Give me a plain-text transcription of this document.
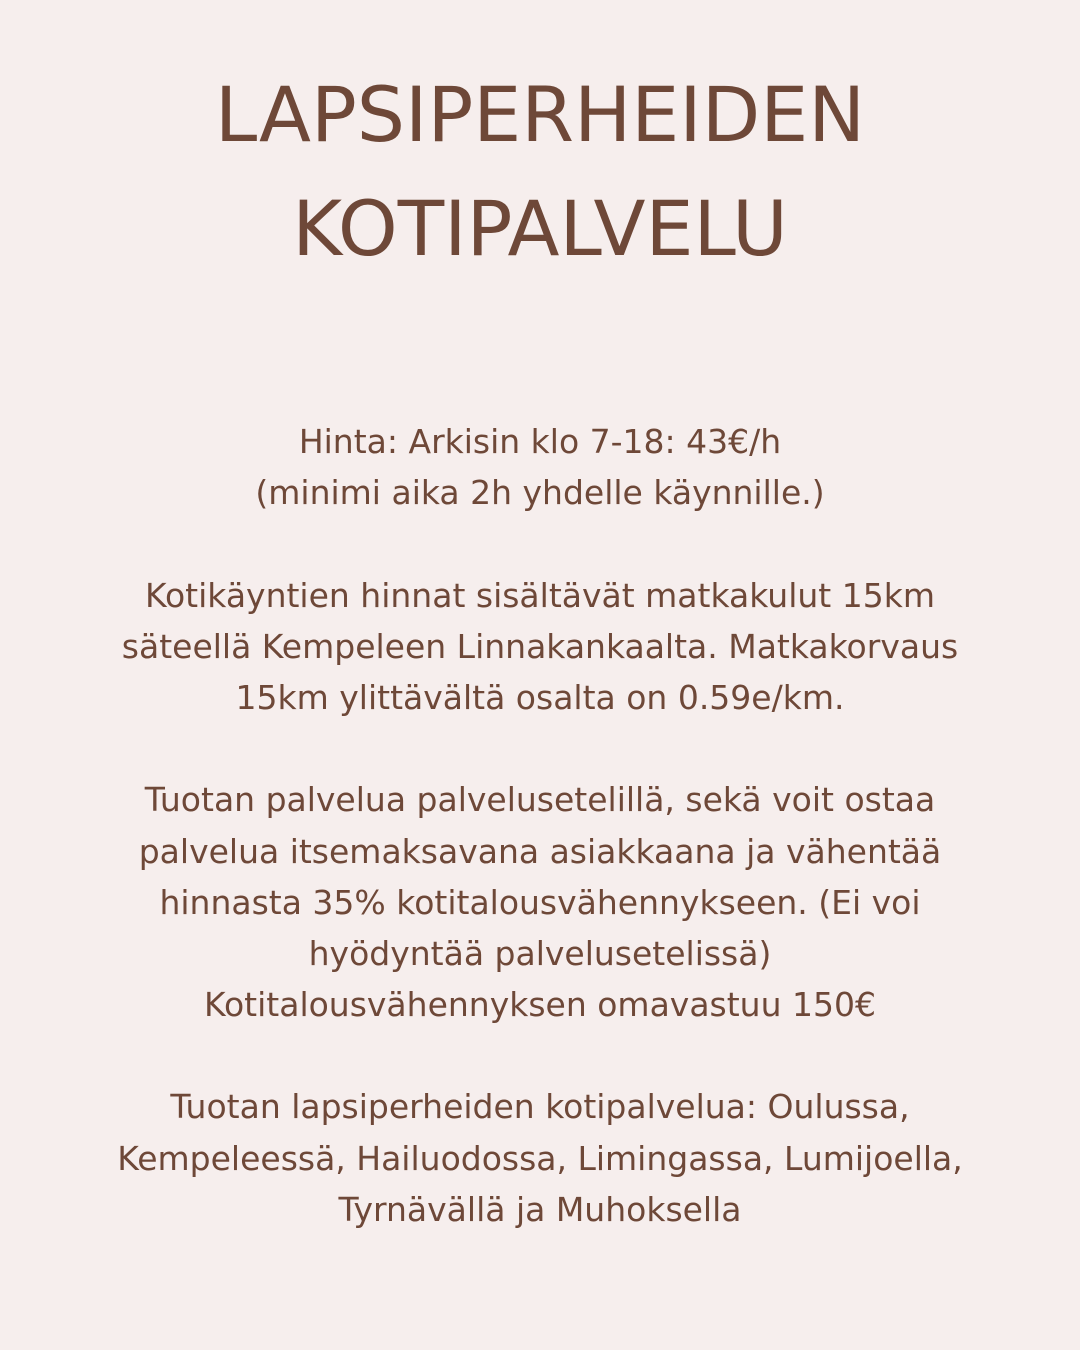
LAPSIPERHEIDEN
KOTIPALVELU
Hinta: Arkisin klo 7-18: 43€/h
(minimi aika 2h yhdelle käynnille.)
Kotikäyntien hinnat sisältävät matkakulut 15km
säteellä Kempeleen Linnakankaalta. Matkakorvaus
15km ylittävältä osalta on 0.59e/km.
Tuotan palvelua palvelusetelillä, sekä voit ostaa
palvelua itsemaksavana asiakkaana ja vähentää
hinnasta 35% kotitalousvähennykseen. (Ei voi
hyödyntää palvelusetelissä)
Kotitalousvähennyksen omavastuu 150€
Tuotan lapsiperheiden kotipalvelua: Oulussa,
Kempeleessä, Hailuodossa, Limingassa, Lumijoella,
Tyrnävällä ja Muhoksella
